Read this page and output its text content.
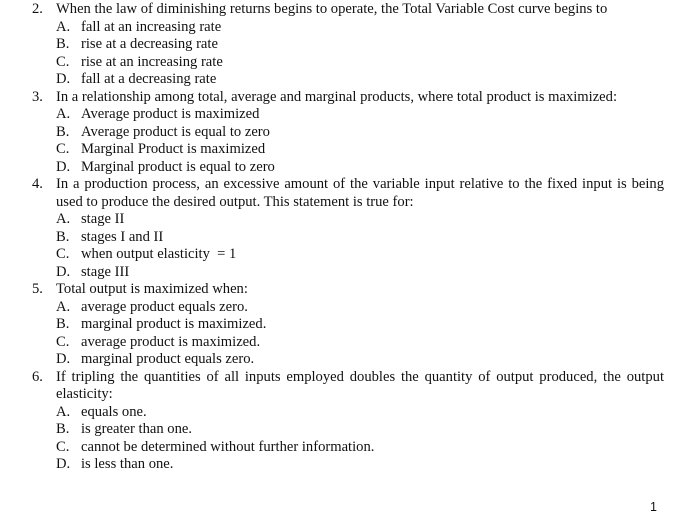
2. When the law of diminishing returns begins to operate, the Total Variable Cost curve begins to
A. fall at an increasing rate
B. rise at a decreasing rate
C. rise at an increasing rate
D. fall at a decreasing rate
3. In a relationship among total, average and marginal products, where total product is maximized:
A. Average product is maximized
B. Average product is equal to zero
C. Marginal Product is maximized
D. Marginal product is equal to zero
4. In a production process, an excessive amount of the variable input relative to the fixed input is being used to produce the desired output. This statement is true for:
A. stage II
B. stages I and II
C. when output elasticity  = 1
D. stage III
5. Total output is maximized when:
A. average product equals zero.
B. marginal product is maximized.
C. average product is maximized.
D. marginal product equals zero.
6. If tripling the quantities of all inputs employed doubles the quantity of output produced, the output elasticity:
A. equals one.
B. is greater than one.
C. cannot be determined without further information.
D. is less than one.
1
